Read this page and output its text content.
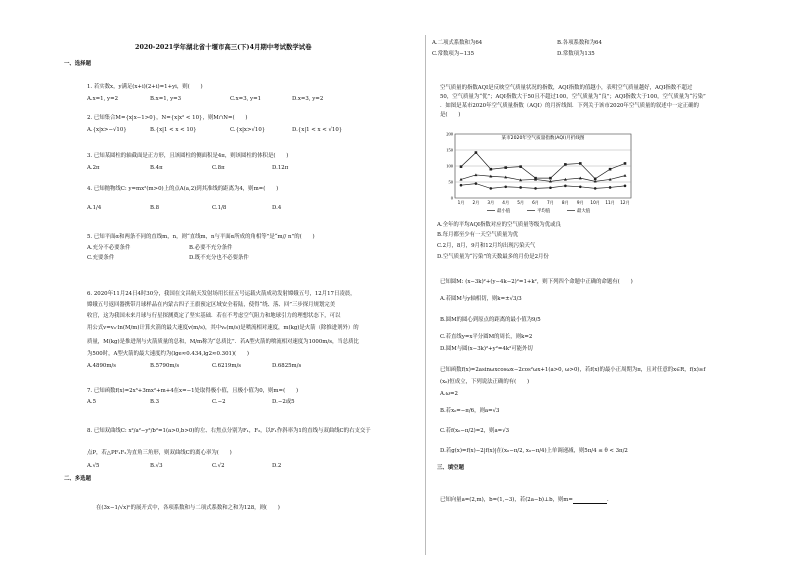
2020-2021学年湖北省十堰市高三(下)4月期中考试数学试卷
一、选择题
1. 若实数x，y满足(x+i)(2+i)=1+yi，则(　　)
A.x=1, y=2	B.x=1, y=3	C.x=3, y=1	D.x=3, y=2
2. 已知集合M={x|x−1>0}，N={x|x² < 10}，则M∩N=(　　)
A.{x|x>−√10}	B.{x|1 < x < 10}	C.{x|x>√10}	D.{x|1 < x < √10}
3. 已知某圆柱的轴截面是正方形，且该圆柱的侧面积是4π，则该圆柱的体积是(　　)
A.2π	B.4π	C.8π	D.12π
4. 已知抛物线C: y=mx²(m>0)上的点A(a,2)到其准线的距离为4，则m=(　　)
A.1/4	B.8	C.1/8	D.4
5. 已知平面α和两条不同的直线m，n，则“直线m，n与平面α所成的角相等”是“m// n”的(　　)
A.充分不必要条件	B.必要不充分条件
C.充要条件	D.既不充分也不必要条件
6. 2020年11月24日4时30分，我国在文昌航天发射场用长征五号运载火箭成功发射嫦娥五号，12月17日凌晨，
嫦娥五号返回器携带月球样品在内蒙古四子王旗预定区域安全着陆，使得“绕、落、回”三步探月规划完美
收官，这为我国未来月球与行星探测奠定了坚实基础．若在不考虑空气阻力和地球引力的理想状态下，可以
用公式v=v₀·ln(M/m)计算火箭的最大速度v(m/s)，其中v₀(m/s)是喷流相对速度，m(kg)是火箭（除推进剂外）的
质量，M(kg)是推进剂与火箭质量的总和，M/m称为“总质比”．若A型火箭的喷流相对速度为1000m/s，当总质比
为500时，A型火箭的最大速度约为(lge≈0.434,lg2≈0.301)(　　)
A.4890m/s	B.5790m/s	C.6219m/s	D.6825m/s
7. 已知函数f(x)=2x³+3mx²+m+4在x=−1处取得极小值，且极小值为0，则m=(　　)
A.5	B.3	C.−2	D.−2或5
8. 已知双曲线C: x²/a²−y²/b²=1(a>0,b>0)的左、右焦点分别为F₁，F₂，以F₁作斜率为1的直线与双曲线C的右支交于
点P，若△PF₁F₂为直角三角形，则双曲线C的离心率为(　　)
A.√5	B.√3	C.√2	D.2
二、多选题
在(3x−1/√x)ⁿ的展开式中，各项系数和与二项式系数和之和为128，则(　　)
A.二项式系数和为64	B.各项系数和为64
C.常数项为−135	D.常数项为135
空气质量的指数AQI是反映空气质量状况的指数，AQI指数的值越小，表明空气质量越好，AQI指数不超过
50，空气质量为“优”；AQI指数大于50且不超过100，空气质量为“良”；AQI指数大于100，空气质量为“污染”
．如图是某市2020年空气质量指数（AQI）的月折线图．下列关于该市2020年空气质量的叙述中一定正确的
是(　　)
0
50
100
150
200
某市2020年空气质量指数(AQI)月折线图
1月 2月 3月 4月 5月 6月 7月 8月 9月 10月 11月 12月
最小值	平均值	最大值
A.全年的平均AQI指数对应的空气质量等级为优或良
B.每月都至少有一天空气质量为优
C.2月，8月，9月和12月均出现污染天气
D.空气质量为“污染”的天数最多的月份是2月份
已知圆M: (x−3k)²+(y−4k−2)²=1+k²，则下列四个命题中正确的命题有(　　)
A.若圆M与y轴相切，则k=±√3/3
B.圆M的圆心到原点的距离的最小值为9/5
C.若直线y=x平分圆M的周长，则k=2
D.圆M与圆(x−3k)²+y²=4k²可能外切
已知函数f(x)=2asinωxcosωx−2cos²ωx+1(a>0, ω>0)，若f(x)的最小正周期为π，且对任意的x∈R，f(x)≥f
(x₀)恒成立，下列说法正确的有(　　)
A.ω=2
B.若x₀=−π/6，则a=√3
C.若f(x₀−π/2)=2，则a=√3
D.若g(x)=f(x)−2|f(x)|在(x₀−π/2, x₀−π/4)上单调递减，则5π/4 ≤ θ < 3π/2
三、填空题
已知向量a=(2,m)，b=(1,−3)，若(2a−b)⊥b，则m=	．
